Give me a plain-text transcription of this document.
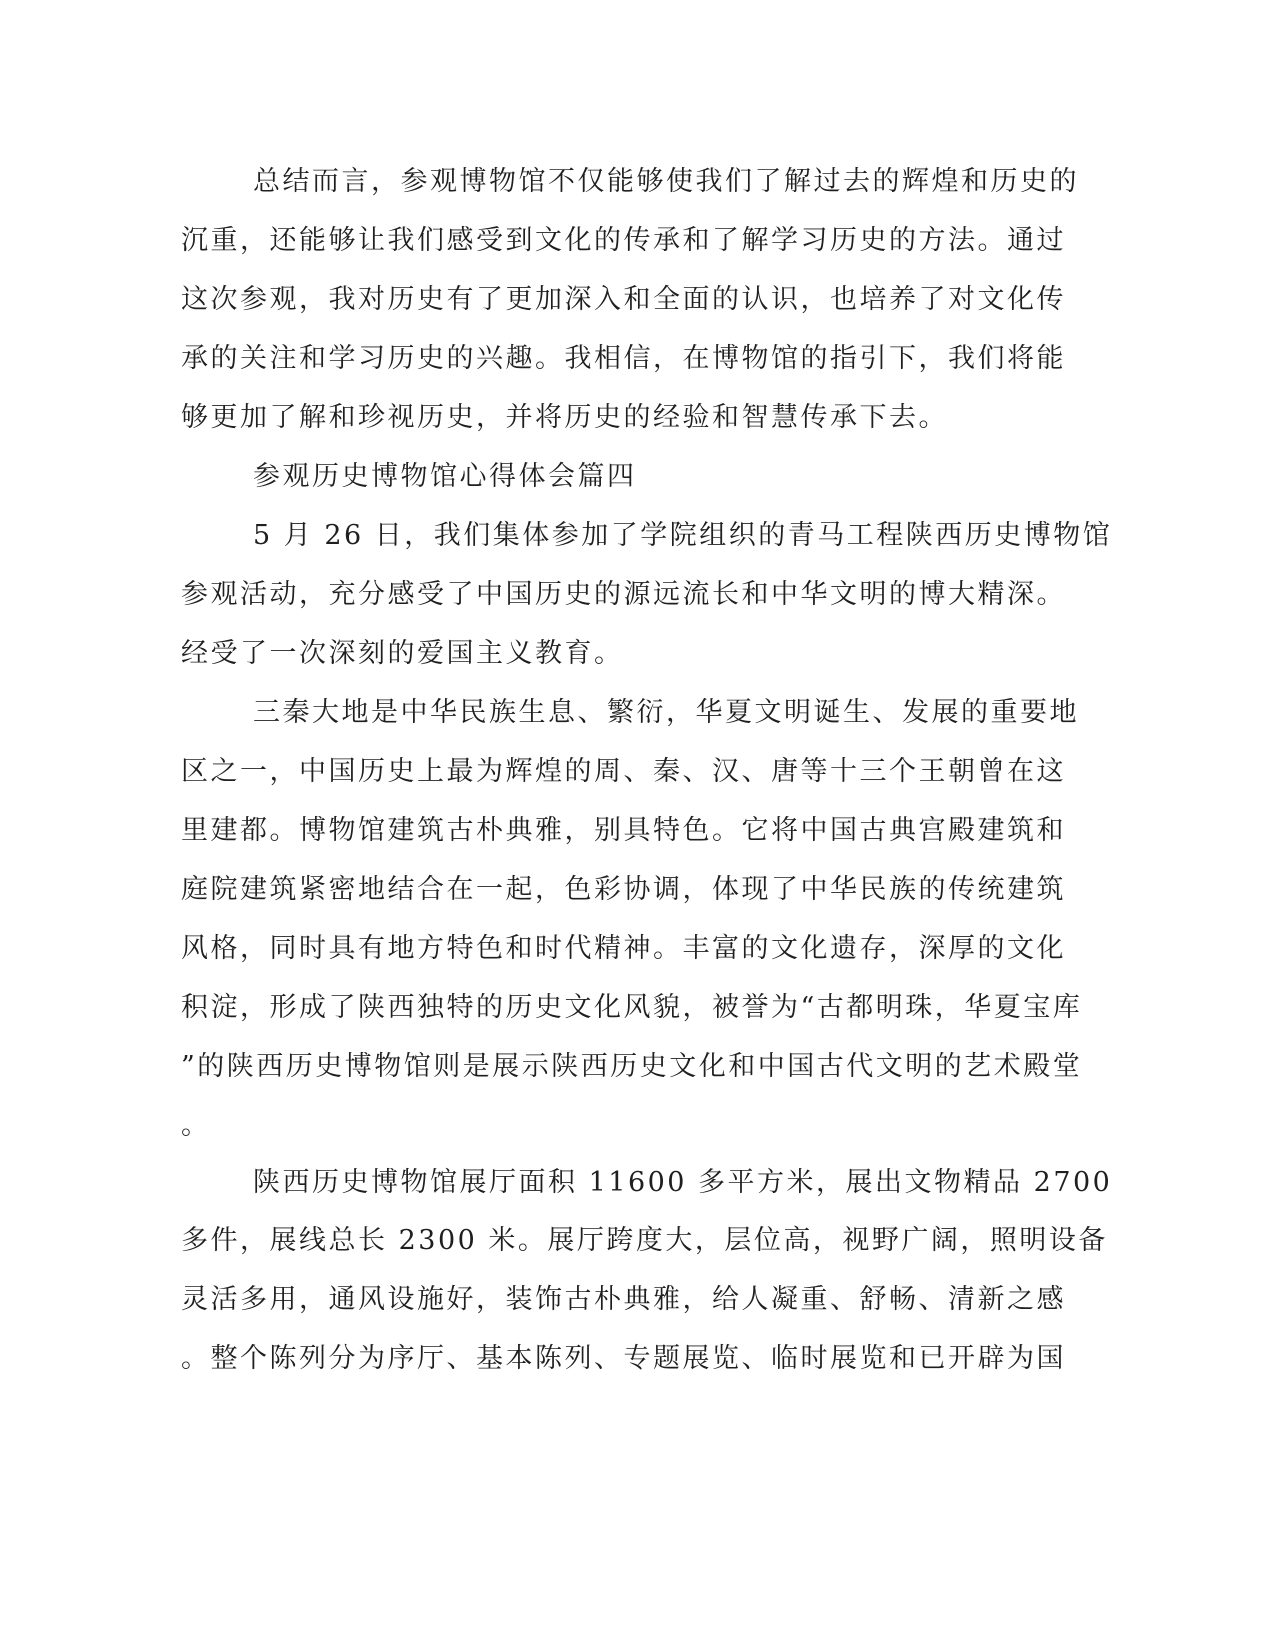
总结而言，参观博物馆不仅能够使我们了解过去的辉煌和历史的
沉重，还能够让我们感受到文化的传承和了解学习历史的方法。通过
这次参观，我对历史有了更加深入和全面的认识，也培养了对文化传
承的关注和学习历史的兴趣。我相信，在博物馆的指引下，我们将能
够更加了解和珍视历史，并将历史的经验和智慧传承下去。
参观历史博物馆心得体会篇四
5 月 26 日，我们集体参加了学院组织的青马工程陕西历史博物馆
参观活动，充分感受了中国历史的源远流长和中华文明的博大精深。
经受了一次深刻的爱国主义教育。
三秦大地是中华民族生息、繁衍，华夏文明诞生、发展的重要地
区之一，中国历史上最为辉煌的周、秦、汉、唐等十三个王朝曾在这
里建都。博物馆建筑古朴典雅，别具特色。它将中国古典宫殿建筑和
庭院建筑紧密地结合在一起，色彩协调，体现了中华民族的传统建筑
风格，同时具有地方特色和时代精神。丰富的文化遗存，深厚的文化
积淀，形成了陕西独特的历史文化风貌，被誉为“古都明珠，华夏宝库
”的陕西历史博物馆则是展示陕西历史文化和中国古代文明的艺术殿堂
。
陕西历史博物馆展厅面积 11600 多平方米，展出文物精品 2700
多件，展线总长 2300 米。展厅跨度大，层位高，视野广阔，照明设备
灵活多用，通风设施好，装饰古朴典雅，给人凝重、舒畅、清新之感
。整个陈列分为序厅、基本陈列、专题展览、临时展览和已开辟为国
